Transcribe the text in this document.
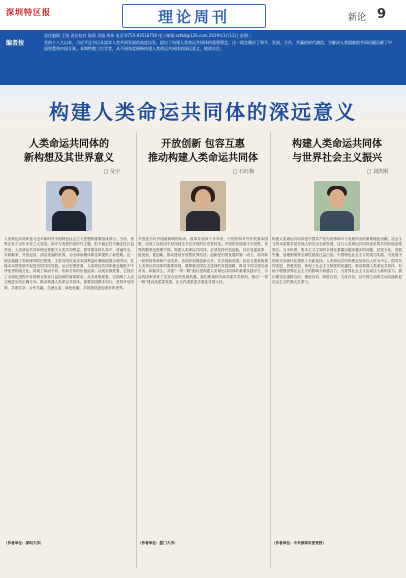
深圳特区报	理论周刊	新论 9
责任编辑 王锐 责任校对 陈莉 美编 周伟 电话:0755-83518758 电子邮箱:sztbll@126.com 2019年3月12日 星期二
编者按	党的十八大以来，习近平总书记从谋求人类共同发展的高度出发，提出了构建人类命运共同体的重要理念。这一理念顺应了和平、发展、合作、共赢的时代潮流，为解决人类面临的共同问题贡献了中国智慧和中国方案。本期特邀三位学者，从不同角度阐释构建人类命运共同体的深远意义，敬请关注。
构建人类命运共同体的深远意义
人类命运共同体的
新构想及其世界意义
□ 吴宇
人类命运共同体是习近平新时代中国特色社会主义思想的重要组成部分。当前，世界正处于百年未有之大变局，和平与发展仍是时代主题，但不稳定性不确定性日益突出。人类命运共同体理念着眼于人类共同利益，倡导建设持久和平、普遍安全、共同繁荣、开放包容、清洁美丽的世界，为全球治理体系变革提供了新思路。这一理念超越了零和博弈的旧思维，主张各国在追求本国利益时兼顾他国合理关切，在谋求本国发展中促进各国共同发展。从历史维度看，人类命运共同体理念植根于中华优秀传统文化，体现了和而不同、协和万邦的价值追求；从现实维度看，它回应了全球化进程中各国相互依存日益加深的客观要求；从未来维度看，它指明了人类文明进步的正确方向。推动构建人类命运共同体，需要各国携手同行，坚持对话协商、共建共享、合作共赢、交流互鉴、绿色低碳，共同建设更加美好的世界。
（作者单位：深圳大学）
开放创新 包容互惠
推动构建人类命运共同体
□ 石红梅
开放是当代中国最鲜明的标识。改革开放四十多年来，中国坚持对外开放基本国策，实现了从封闭半封闭到全方位开放的历史性转变。中国的发展离不开世界，世界的繁荣也需要中国。构建人类命运共同体，必须坚持开放创新，以开放促改革、促发展、促创新，推动建设开放型世界经济。创新是引领发展的第一动力，面对新一轮科技革命和产业变革，各国应加强创新合作，共享创新成果。包容互惠是构建人类命运共同体的重要原则，要尊重各国自主选择的发展道路，推动不同文明交流对话、和谐共生。共建“一带一路”倡议是构建人类命运共同体的重要实践平台，为沿线国家带来了实实在在的发展机遇。我们要秉持共商共建共享原则，推动“一带一路”建设高质量发展，让合作成果更多惠及各国人民。
（作者单位：厦门大学）
构建人类命运共同体
与世界社会主义振兴
□ 刘洪刚
构建人类命运共同体是中国共产党为世界和平与发展作出的重要理论贡献。社会主义的本质要求是实现人的自由全面发展，这与人类命运共同体追求的共同价值高度契合。当今世界，资本主义主导的全球化暴露出越来越多的问题，贫富分化、发展失衡、治理困境等全球性挑战日益凸显。中国特色社会主义的成功实践，为发展中国家走向现代化提供了全新选择。人类命运共同体理念坚持以人民为中心，倡导共同发展、普惠发展，体现了社会主义制度的优越性。推动构建人类命运共同体，有助于增强世界社会主义的影响力和感召力，为世界社会主义运动注入新的活力。我们要坚定道路自信、理论自信、制度自信、文化自信，以中国之治的生动实践彰显社会主义的强大生命力。
（作者单位：中共深圳市委党校）
